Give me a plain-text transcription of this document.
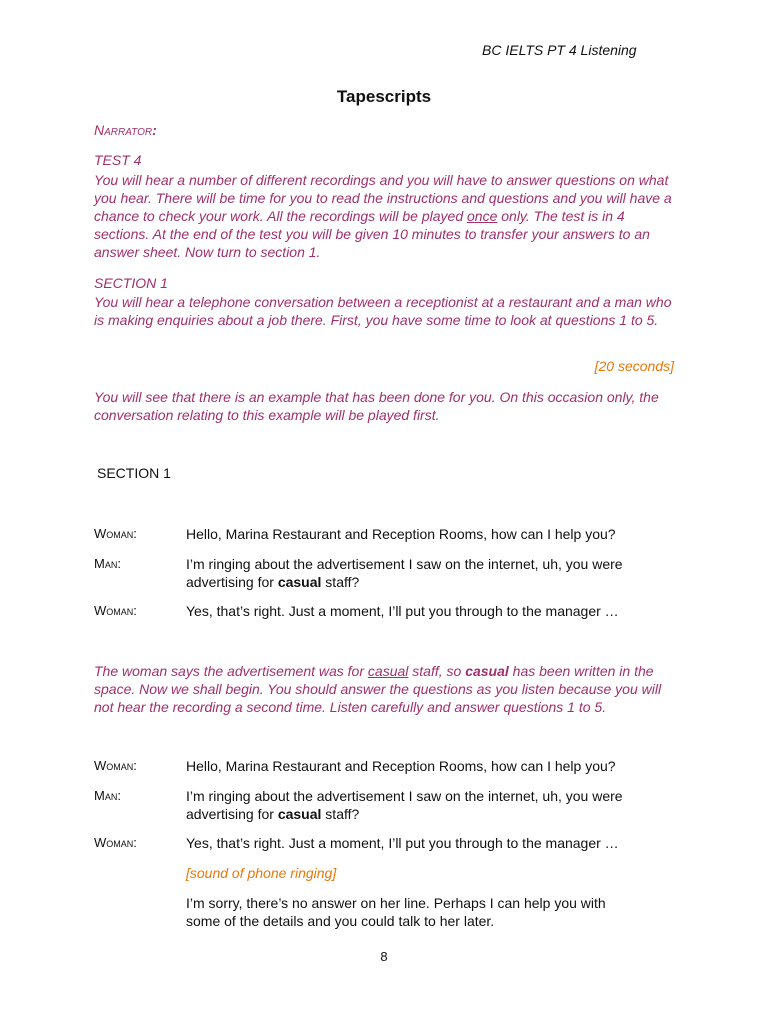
BC IELTS PT 4 Listening
Tapescripts
Narrator:
TEST 4
You will hear a number of different recordings and you will have to answer questions on what you hear. There will be time for you to read the instructions and questions and you will have a chance to check your work. All the recordings will be played once only. The test is in 4 sections. At the end of the test you will be given 10 minutes to transfer your answers to an answer sheet. Now turn to section 1.
SECTION 1
You will hear a telephone conversation between a receptionist at a restaurant and a man who is making enquiries about a job there. First, you have some time to look at questions 1 to 5.
[20 seconds]
You will see that there is an example that has been done for you. On this occasion only, the conversation relating to this example will be played first.
SECTION 1
Woman:	Hello, Marina Restaurant and Reception Rooms, how can I help you?
Man:	I’m ringing about the advertisement I saw on the internet, uh, you were advertising for casual staff?
Woman:	Yes, that’s right. Just a moment, I’ll put you through to the manager …
The woman says the advertisement was for casual staff, so casual has been written in the space. Now we shall begin. You should answer the questions as you listen because you will not hear the recording a second time. Listen carefully and answer questions 1 to 5.
Woman:	Hello, Marina Restaurant and Reception Rooms, how can I help you?
Man:	I’m ringing about the advertisement I saw on the internet, uh, you were advertising for casual staff?
Woman:	Yes, that’s right. Just a moment, I’ll put you through to the manager …
[sound of phone ringing]
I’m sorry, there’s no answer on her line. Perhaps I can help you with some of the details and you could talk to her later.
8
